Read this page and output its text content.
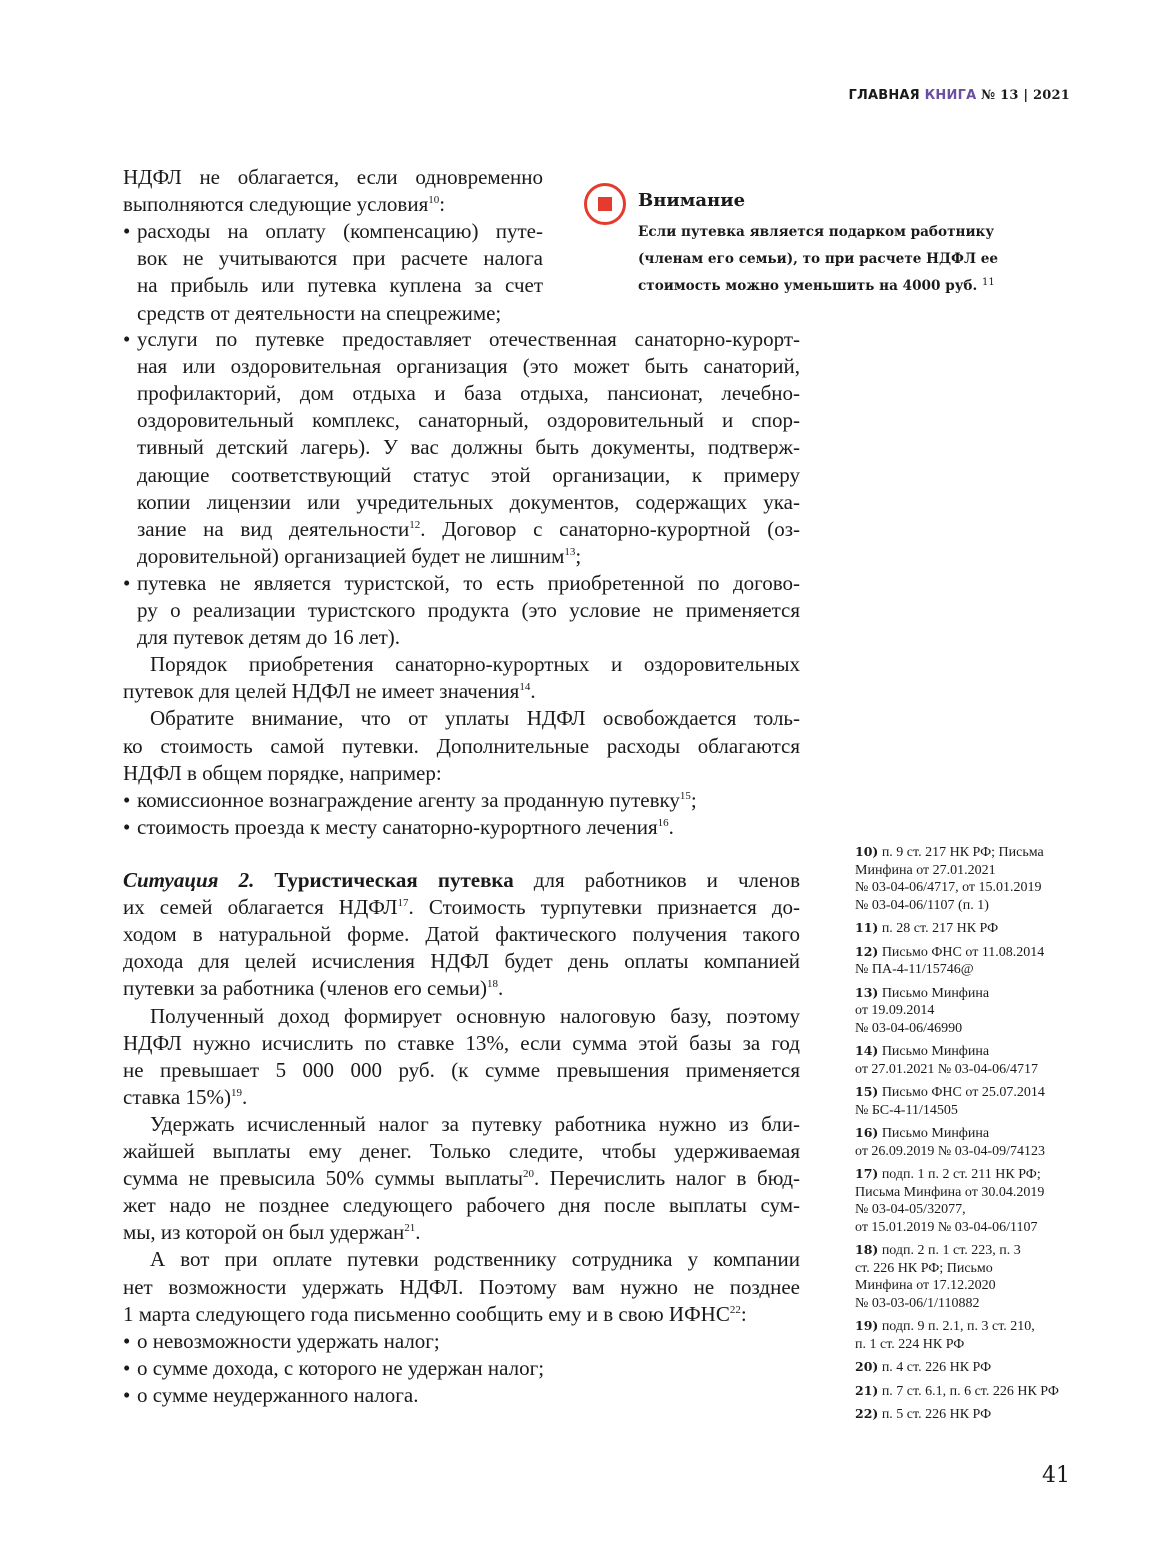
ГЛАВНАЯ КНИГА № 13 | 2021
Внимание
Если путевка является подарком работнику
(членам его семьи), то при расчете НДФЛ ее
стоимость можно уменьшить на 4000 руб. $^{11}$
НДФЛ не облагается, если одновременно
выполняются следующие условия$^{10}$:
• расходы на оплату (компенсацию) путе-
вок не учитываются при расчете налога
на прибыль или путевка куплена за счет
средств от деятельности на спецрежиме;
• услуги по путевке предоставляет отечественная санаторно-курорт-
ная или оздоровительная организация (это может быть санаторий,
профилакторий, дом отдыха и база отдыха, пансионат, лечебно-
оздоровительный комплекс, санаторный, оздоровительный и спор-
тивный детский лагерь). У вас должны быть документы, подтверж-
дающие соответствующий статус этой организации, к примеру
копии лицензии или учредительных документов, содержащих ука-
зание на вид деятельности$^{12}$. Договор с санаторно-курортной (оз-
доровительной) организацией будет не лишним$^{13}$;
• путевка не является туристской, то есть приобретенной по догово-
ру о реализации туристского продукта (это условие не применяется
для путевок детям до 16 лет).
Порядок приобретения санаторно-курортных и оздоровительных
путевок для целей НДФЛ не имеет значения$^{14}$.
Обратите внимание, что от уплаты НДФЛ освобождается толь-
ко стоимость самой путевки. Дополнительные расходы облагаются
НДФЛ в общем порядке, например:
• комиссионное вознаграждение агенту за проданную путевку$^{15}$;
• стоимость проезда к месту санаторно-курортного лечения$^{16}$.
Ситуация 2. Туристическая путевка для работников и членов
их семей облагается НДФЛ$^{17}$. Стоимость турпутевки признается до-
ходом в натуральной форме. Датой фактического получения такого
дохода для целей исчисления НДФЛ будет день оплаты компанией
путевки за работника (членов его семьи)$^{18}$.
Полученный доход формирует основную налоговую базу, поэтому
НДФЛ нужно исчислить по ставке 13%, если сумма этой базы за год
не превышает 5 000 000 руб. (к сумме превышения применяется
ставка 15%)$^{19}$.
Удержать исчисленный налог за путевку работника нужно из бли-
жайшей выплаты ему денег. Только следите, чтобы удерживаемая
сумма не превысила 50% суммы выплаты$^{20}$. Перечислить налог в бюд-
жет надо не позднее следующего рабочего дня после выплаты сум-
мы, из которой он был удержан$^{21}$.
А вот при оплате путевки родственнику сотрудника у компании
нет возможности удержать НДФЛ. Поэтому вам нужно не позднее
1 марта следующего года письменно сообщить ему и в свою ИФНС$^{22}$:
• о невозможности удержать налог;
• о сумме дохода, с которого не удержан налог;
• о сумме неудержанного налога.
10) п. 9 ст. 217 НК РФ; Письма
Минфина от 27.01.2021
№ 03-04-06/4717, от 15.01.2019
№ 03-04-06/1107 (п. 1)
11) п. 28 ст. 217 НК РФ
12) Письмо ФНС от 11.08.2014
№ ПА-4-11/15746@
13) Письмо Минфина
от 19.09.2014
№ 03-04-06/46990
14) Письмо Минфина
от 27.01.2021 № 03-04-06/4717
15) Письмо ФНС от 25.07.2014
№ БС-4-11/14505
16) Письмо Минфина
от 26.09.2019 № 03-04-09/74123
17) подп. 1 п. 2 ст. 211 НК РФ;
Письма Минфина от 30.04.2019
№ 03-04-05/32077,
от 15.01.2019 № 03-04-06/1107
18) подп. 2 п. 1 ст. 223, п. 3
ст. 226 НК РФ; Письмо
Минфина от 17.12.2020
№ 03-03-06/1/110882
19) подп. 9 п. 2.1, п. 3 ст. 210,
п. 1 ст. 224 НК РФ
20) п. 4 ст. 226 НК РФ
21) п. 7 ст. 6.1, п. 6 ст. 226 НК РФ
22) п. 5 ст. 226 НК РФ
41
